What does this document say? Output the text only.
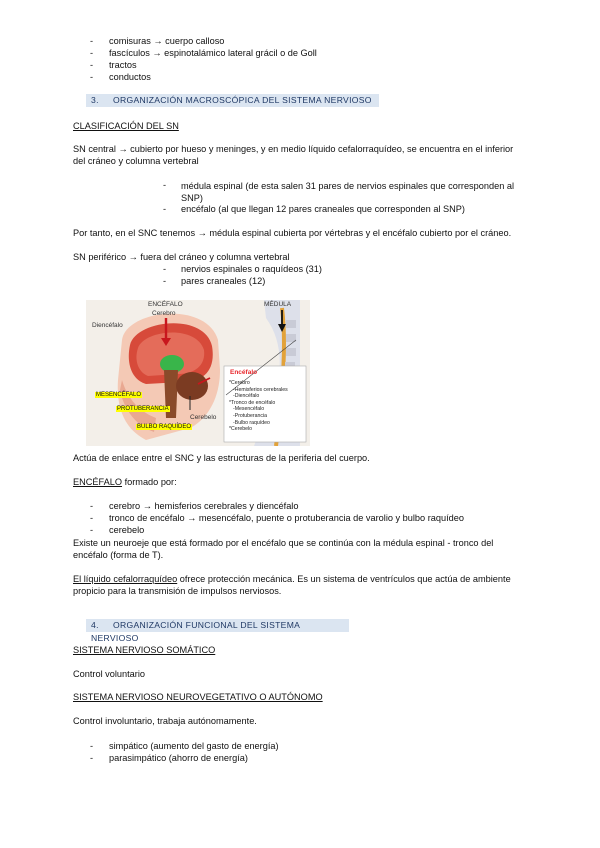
- comisuras → cuerpo calloso
- fascículos → espinotalámico lateral grácil o de Goll
- tractos
- conductos
3. ORGANIZACIÓN MACROSCÓPICA DEL SISTEMA NERVIOSO
CLASIFICACIÓN DEL SN
SN central → cubierto por hueso y meninges, y en medio líquido cefalorraquídeo, se encuentra en el inferior del cráneo y columna vertebral
- médula espinal (de esta salen 31 pares de nervios espinales que corresponden al SNP)
- encéfalo (al que llegan 12 pares craneales que corresponden al SNP)
Por tanto, en el SNC tenemos → médula espinal cubierta por vértebras y el encéfalo cubierto por el cráneo.
SN periférico → fuera del cráneo y columna vertebral
- nervios espinales o raquídeos (31)
- pares craneales (12)
ENCÉFALO
Cerebro
MÉDULA
Diencéfalo
MESENCÉFALO
PROTUBERANCIA
BULBO RAQUÍDEO
Cerebelo
Encéfalo
*Cerebro
-Hemisferios cerebrales
-Diencéfalo
*Tronco de encéfalo
-Mesencéfalo
-Protuberancia
-Bulbo raquídeo
*Cerebelo
Actúa de enlace entre el SNC y las estructuras de la periferia del cuerpo.
ENCÉFALO formado por:
- cerebro → hemisferios cerebrales y diencéfalo
- tronco de encéfalo → mesencéfalo, puente o protuberancia de varolio y bulbo raquídeo
- cerebelo
Existe un neuroeje que está formado por el encéfalo que se continúa con la médula espinal - tronco del encéfalo (forma de T).
El líquido cefalorraquídeo ofrece protección mecánica. Es un sistema de ventrículos que actúa de ambiente propicio para la transmisión de impulsos nerviosos.
4. ORGANIZACIÓN FUNCIONAL DEL SISTEMA NERVIOSO
SISTEMA NERVIOSO SOMÁTICO
Control voluntario
SISTEMA NERVIOSO NEUROVEGETATIVO O AUTÓNOMO
Control involuntario, trabaja autónomamente.
- simpático (aumento del gasto de energía)
- parasimpático (ahorro de energía)
